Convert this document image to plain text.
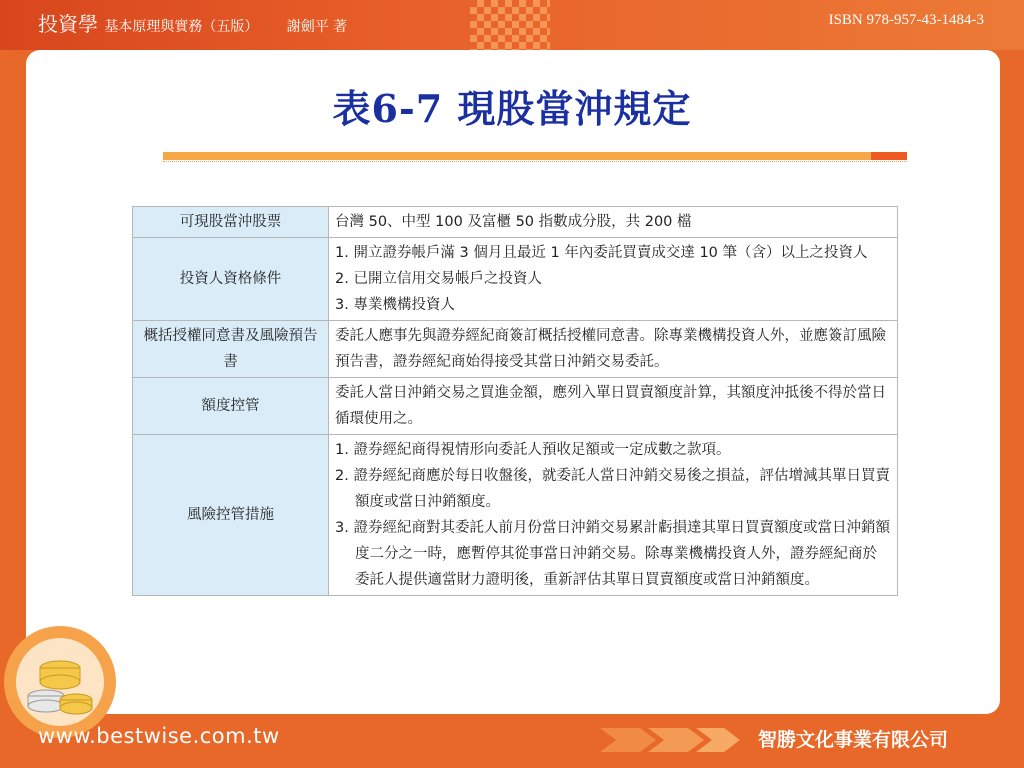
投資學 基本原理與實務（五版） 謝劍平 著	ISBN 978-957-43-1484-3
表6-7 現股當沖規定
可現股當沖股票	台灣 50、中型 100 及富櫃 50 指數成分股，共 200 檔

投資人資格條件	1. 開立證券帳戶滿 3 個月且最近 1 年內委託買賣成交達 10 筆（含）以上之投資人
2. 已開立信用交易帳戶之投資人
3. 專業機構投資人

概括授權同意書及風險預告書	委託人應事先與證券經紀商簽訂概括授權同意書。除專業機構投資人外，並應簽訂風險預告書，證券經紀商始得接受其當日沖銷交易委託。

額度控管	委託人當日沖銷交易之買進金額，應列入單日買賣額度計算，其額度沖抵後不得於當日循環使用之。

風險控管措施	1. 證券經紀商得視情形向委託人預收足額或一定成數之款項。
2. 證券經紀商應於每日收盤後，就委託人當日沖銷交易後之損益，評估增減其單日買賣額度或當日沖銷額度。
3. 證券經紀商對其委託人前月份當日沖銷交易累計虧損達其單日買賣額度或當日沖銷額度二分之一時，應暫停其從事當日沖銷交易。除專業機構投資人外，證券經紀商於委託人提供適當財力證明後，重新評估其單日買賣額度或當日沖銷額度。
www.bestwise.com.tw	智勝文化事業有限公司
